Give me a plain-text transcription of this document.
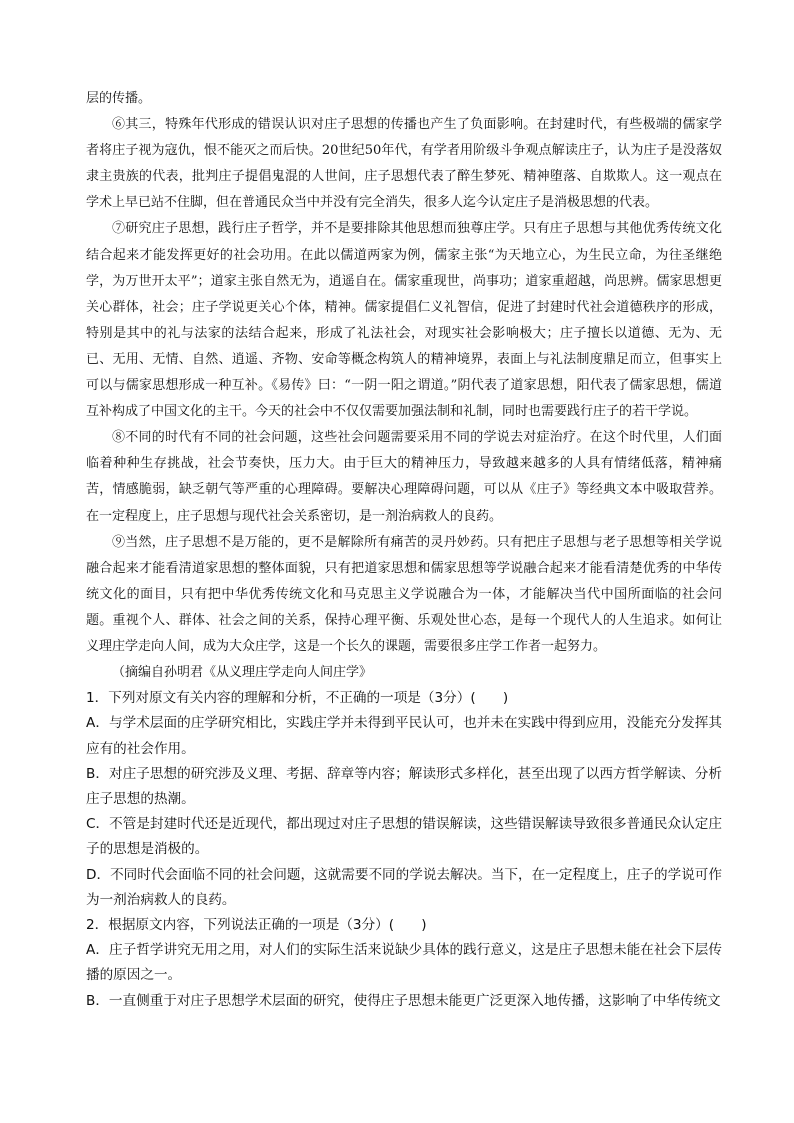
层的传播。

⑥其三，特殊年代形成的错误认识对庄子思想的传播也产生了负面影响。在封建时代，有些极端的儒家学者将庄子视为寇仇，恨不能灭之而后快。20世纪50年代，有学者用阶级斗争观点解读庄子，认为庄子是没落奴隶主贵族的代表，批判庄子提倡鬼混的人世间，庄子思想代表了醉生梦死、精神堕落、自欺欺人。这一观点在学术上早已站不住脚，但在普通民众当中并没有完全消失，很多人迄今认定庄子是消极思想的代表。

⑦研究庄子思想，践行庄子哲学，并不是要排除其他思想而独尊庄学。只有庄子思想与其他优秀传统文化结合起来才能发挥更好的社会功用。在此以儒道两家为例，儒家主张“为天地立心，为生民立命，为往圣继绝学，为万世开太平”；道家主张自然无为，逍遥自在。儒家重现世，尚事功；道家重超越，尚思辨。儒家思想更关心群体，社会；庄子学说更关心个体，精神。儒家提倡仁义礼智信，促进了封建时代社会道德秩序的形成，特别是其中的礼与法家的法结合起来，形成了礼法社会，对现实社会影响极大；庄子擅长以道德、无为、无已、无用、无情、自然、逍遥、齐物、安命等概念构筑人的精神境界，表面上与礼法制度鼎足而立，但事实上可以与儒家思想形成一种互补。《易传》曰：“一阴一阳之谓道。”阴代表了道家思想，阳代表了儒家思想，儒道互补构成了中国文化的主干。今天的社会中不仅仅需要加强法制和礼制，同时也需要践行庄子的若干学说。

⑧不同的时代有不同的社会问题，这些社会问题需要采用不同的学说去对症治疗。在这个时代里，人们面临着种种生存挑战，社会节奏快，压力大。由于巨大的精神压力，导致越来越多的人具有情绪低落，精神痛苦，情感脆弱，缺乏朝气等严重的心理障碍。要解决心理障碍问题，可以从《庄子》等经典文本中吸取营养。在一定程度上，庄子思想与现代社会关系密切，是一剂治病救人的良药。

⑨当然，庄子思想不是万能的，更不是解除所有痛苦的灵丹妙药。只有把庄子思想与老子思想等相关学说融合起来才能看清道家思想的整体面貌，只有把道家思想和儒家思想等学说融合起来才能看清楚优秀的中华传统文化的面目，只有把中华优秀传统文化和马克思主义学说融合为一体，才能解决当代中国所面临的社会问题。重视个人、群体、社会之间的关系，保持心理平衡、乐观处世心态，是每一个现代人的人生追求。如何让义理庄学走向人间，成为大众庄学，这是一个长久的课题，需要很多庄学工作者一起努力。

（摘编自孙明君《从义理庄学走向人间庄学》

1．下列对原文有关内容的理解和分析，不正确的一项是（3分）(　　)

A．与学术层面的庄学研究相比，实践庄学并未得到平民认可，也并未在实践中得到应用，没能充分发挥其应有的社会作用。

B．对庄子思想的研究涉及义理、考据、辞章等内容；解读形式多样化，甚至出现了以西方哲学解读、分析庄子思想的热潮。

C．不管是封建时代还是近现代，都出现过对庄子思想的错误解读，这些错误解读导致很多普通民众认定庄子的思想是消极的。

D．不同时代会面临不同的社会问题，这就需要不同的学说去解决。当下，在一定程度上，庄子的学说可作为一剂治病救人的良药。

2．根据原文内容，下列说法正确的一项是（3分）(　　)

A．庄子哲学讲究无用之用，对人们的实际生活来说缺少具体的践行意义，这是庄子思想未能在社会下层传播的原因之一。

B．一直侧重于对庄子思想学术层面的研究，使得庄子思想未能更广泛更深入地传播，这影响了中华传统文
